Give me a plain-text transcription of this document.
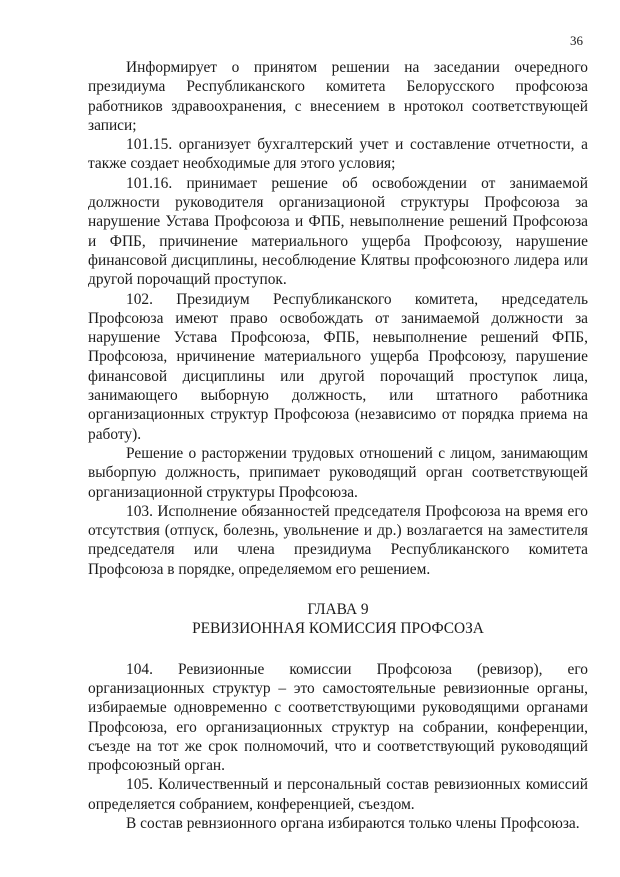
36

Информирует о принятом решении на заседании очередного президиума Республиканского комитета Белорусского профсоюза работников здравоохранения, с внесением в нротокол соответствующей записи;

101.15. организует бухгалтерский учет и составление отчетности, а также создает необходимые для этого условия;

101.16. принимает решение об освобождении от занимаемой должности руководителя организационой структуры Профсоюза за нарушение Устава Профсоюза и ФПБ, невыполнение решений Профсоюза и ФПБ, причинение материального ущерба Профсоюзу, нарушение финансовой дисциплины, несоблюдение Клятвы профсоюзного лидера или другой порочащий проступок.

102. Президиум Республиканского комитета, нредседатель Профсоюза имеют право освобождать от занимаемой должности за нарушение Устава Профсоюза, ФПБ, невыполнение решений ФПБ, Профсоюза, нричинение материального ущерба Профсоюзу, парушение финансовой дисциплины или другой порочащий проступок лица, занимающего выборную должность, или штатного работника организационных структур Профсоюза (независимо от порядка приема на работу).

Решение о расторжении трудовых отношений с лицом, занимающим выборпую должность, припимает руководящий орган соответствующей организационной структуры Профсоюза.

103. Исполнение обязанностей председателя Профсоюза на время его отсутствия (отпуск, болезнь, увольнение и др.) возлагается на заместителя председателя или члена президиума Республиканского комитета Профсоюза в порядке, определяемом его решением.

ГЛАВА 9

РЕВИЗИОННАЯ КОМИССИЯ ПРОФСОЗА

104. Ревизионные комиссии Профсоюза (ревизор), его организационных структур – это самостоятельные ревизионные органы, избираемые одновременно с соответствующими руководящими органами Профсоюза, его организационных структур на собрании, конференции, съезде на тот же срок полномочий, что и соответствующий руководящий профсоюзный орган.

105. Количественный и персональный состав ревизионных комиссий определяется собранием, конференцией, съездом.

В состав ревнзионного органа избираются только члены Профсоюза.
